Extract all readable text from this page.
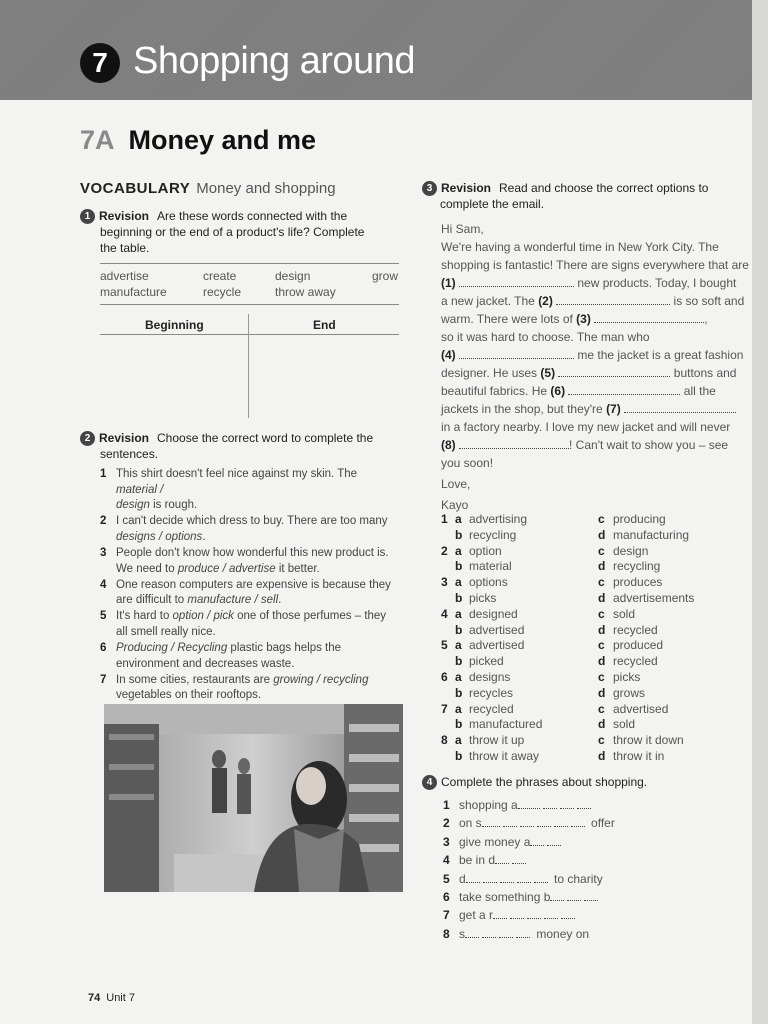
7 Shopping around
7A Money and me
VOCABULARY Money and shopping
1 Revision Are these words connected with the
beginning or the end of a product's life? Complete
the table.
advertise	create	design	grow
manufacture	recycle	throw away
Beginning	End
2 Revision Choose the correct word to complete the
sentences.
1 This shirt doesn't feel nice against my skin. The material /
design is rough.
2 I can't decide which dress to buy. There are too many
designs / options.
3 People don't know how wonderful this new product is.
We need to produce / advertise it better.
4 One reason computers are expensive is because they
are difficult to manufacture / sell.
5 It's hard to option / pick one of those perfumes – they
all smell really nice.
6 Producing / Recycling plastic bags helps the
environment and decreases waste.
7 In some cities, restaurants are growing / recycling
vegetables on their rooftops.
3 Revision Read and choose the correct options to
complete the email.
Hi Sam,
We're having a wonderful time in New York City. The
shopping is fantastic! There are signs everywhere that are
(1)	new products. Today, I bought
a new jacket. The (2)	is so soft and
warm. There were lots of (3)	,
so it was hard to choose. The man who
(4)	me the jacket is a great fashion
designer. He uses (5)	buttons and
beautiful fabrics. He (6)	all the
jackets in the shop, but they're (7)
in a factory nearby. I love my new jacket and will never
(8)	! Can't wait to show you – see
you soon!
Love,
Kayo
1 a advertising	c producing
b recycling	d manufacturing
2 a option	c design
b material	d recycling
3 a options	c produces
b picks	d advertisements
4 a designed	c sold
b advertised	d recycled
5 a advertised	c produced
b picked	d recycled
6 a designs	c picks
b recycles	d grows
7 a recycled	c advertised
b manufactured	d sold
8 a throw it up	c throw it down
b throw it away	d throw it in
4 Complete the phrases about shopping.
1 shopping a
2 on s	offer
3 give money a
4 be in d
5 d	to charity
6 take something b
7 get a r
8 s	money on
74 Unit 7
